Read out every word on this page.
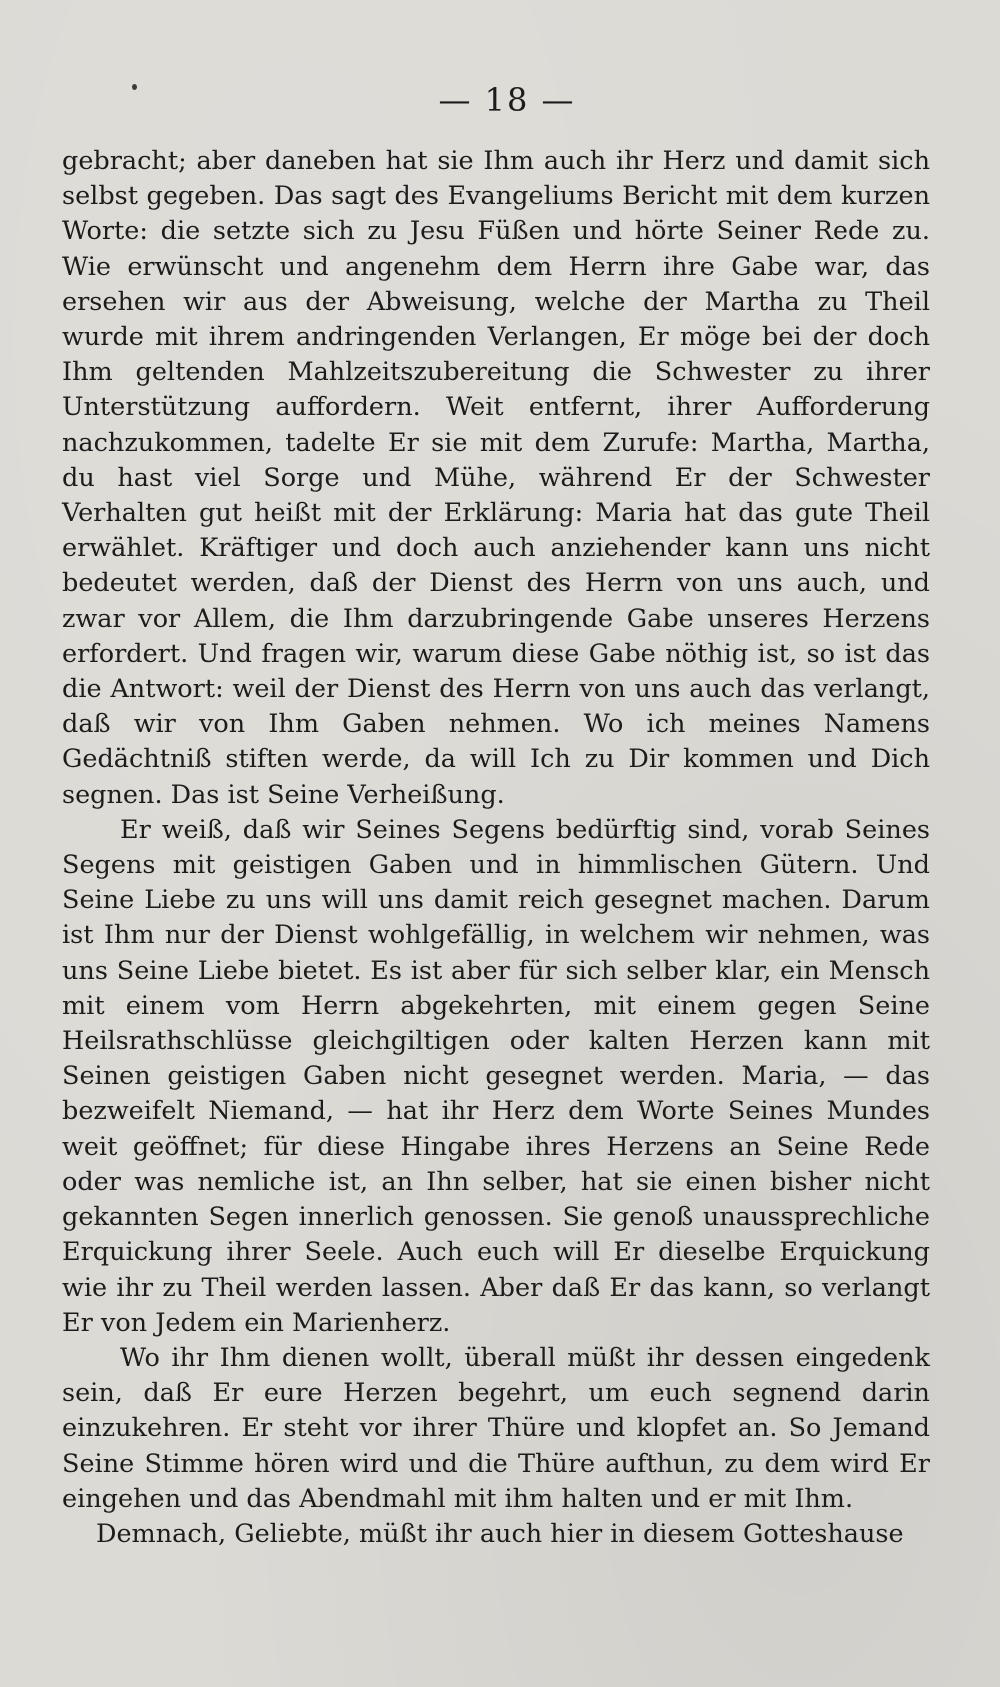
— 18 —

gebracht; aber daneben hat sie Ihm auch ihr Herz und damit sich selbst gegeben. Das sagt des Evangeliums Bericht mit dem kurzen Worte: die setzte sich zu Jesu Füßen und hörte Seiner Rede zu. Wie erwünscht und angenehm dem Herrn ihre Gabe war, das ersehen wir aus der Abweisung, welche der Martha zu Theil wurde mit ihrem andringenden Verlangen, Er möge bei der doch Ihm geltenden Mahlzeitszubereitung die Schwester zu ihrer Unterstützung auffordern. Weit entfernt, ihrer Aufforderung nachzukommen, tadelte Er sie mit dem Zurufe: Martha, Martha, du hast viel Sorge und Mühe, während Er der Schwester Verhalten gut heißt mit der Erklärung: Maria hat das gute Theil erwählet. Kräftiger und doch auch anziehender kann uns nicht bedeutet werden, daß der Dienst des Herrn von uns auch, und zwar vor Allem, die Ihm darzubringende Gabe unseres Herzens erfordert. Und fragen wir, warum diese Gabe nöthig ist, so ist das die Antwort: weil der Dienst des Herrn von uns auch das verlangt, daß wir von Ihm Gaben nehmen. Wo ich meines Namens Gedächtniß stiften werde, da will Ich zu Dir kommen und Dich segnen. Das ist Seine Verheißung.

Er weiß, daß wir Seines Segens bedürftig sind, vorab Seines Segens mit geistigen Gaben und in himmlischen Gütern. Und Seine Liebe zu uns will uns damit reich gesegnet machen. Darum ist Ihm nur der Dienst wohlgefällig, in welchem wir nehmen, was uns Seine Liebe bietet. Es ist aber für sich selber klar, ein Mensch mit einem vom Herrn abgekehrten, mit einem gegen Seine Heilsrathschlüsse gleichgiltigen oder kalten Herzen kann mit Seinen geistigen Gaben nicht gesegnet werden. Maria, — das bezweifelt Niemand, — hat ihr Herz dem Worte Seines Mundes weit geöffnet; für diese Hingabe ihres Herzens an Seine Rede oder was nemliche ist, an Ihn selber, hat sie einen bisher nicht gekannten Segen innerlich genossen. Sie genoß unaussprechliche Erquickung ihrer Seele. Auch euch will Er dieselbe Erquickung wie ihr zu Theil werden lassen. Aber daß Er das kann, so verlangt Er von Jedem ein Marienherz.

Wo ihr Ihm dienen wollt, überall müßt ihr dessen eingedenk sein, daß Er eure Herzen begehrt, um euch segnend darin einzukehren. Er steht vor ihrer Thüre und klopfet an. So Jemand Seine Stimme hören wird und die Thüre aufthun, zu dem wird Er eingehen und das Abendmahl mit ihm halten und er mit Ihm.

Demnach, Geliebte, müßt ihr auch hier in diesem Gotteshause
